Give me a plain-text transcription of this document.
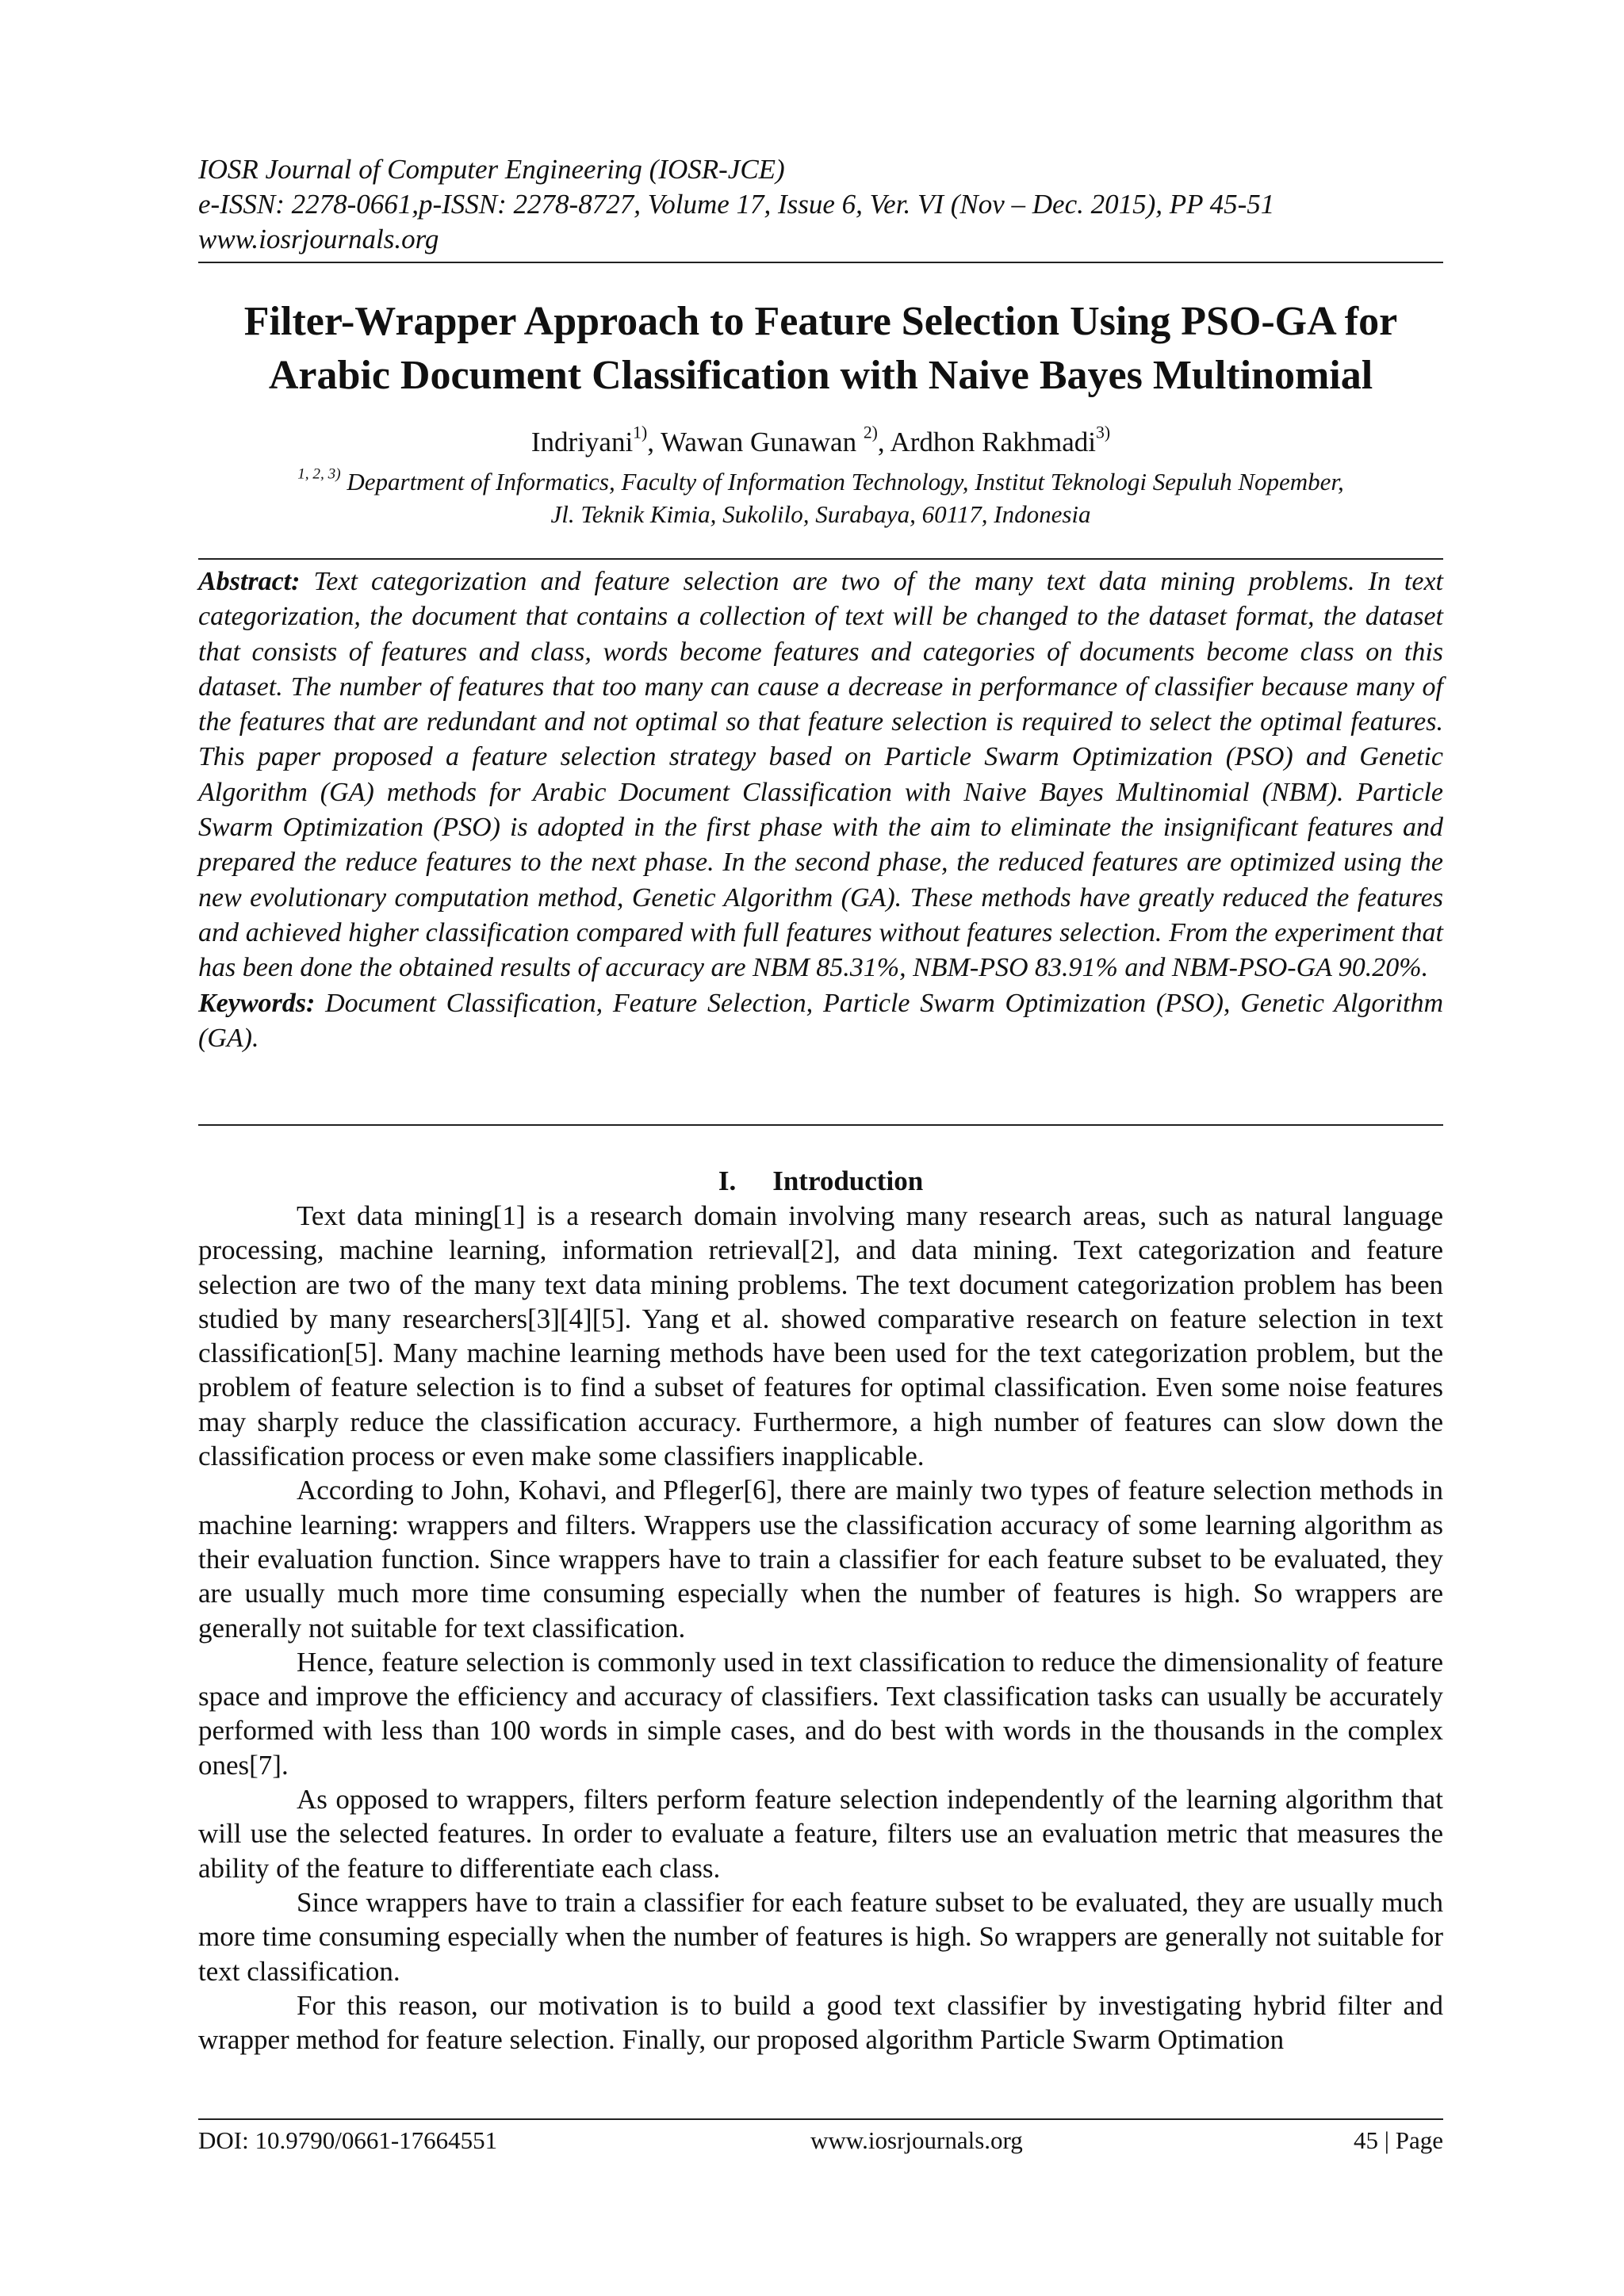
IOSR Journal of Computer Engineering (IOSR-JCE)
e-ISSN: 2278-0661,p-ISSN: 2278-8727, Volume 17, Issue 6, Ver. VI (Nov – Dec. 2015), PP 45-51
www.iosrjournals.org
Filter-Wrapper Approach to Feature Selection Using PSO-GA for
Arabic Document Classification with Naive Bayes Multinomial
Indriyani$^{1)}$, Wawan Gunawan $^{2)}$, Ardhon Rakhmadi$^{3)}$
$^{1, 2, 3)}$ Department of Informatics, Faculty of Information Technology, Institut Teknologi Sepuluh Nopember,
Jl. Teknik Kimia, Sukolilo, Surabaya, 60117, Indonesia
Abstract: Text categorization and feature selection are two of the many text data mining problems. In text categorization, the document that contains a collection of text will be changed to the dataset format, the dataset that consists of features and class, words become features and categories of documents become class on this dataset. The number of features that too many can cause a decrease in performance of classifier because many of the features that are redundant and not optimal so that feature selection is required to select the optimal features. This paper proposed a feature selection strategy based on Particle Swarm Optimization (PSO) and Genetic Algorithm (GA) methods for Arabic Document Classification with Naive Bayes Multinomial (NBM). Particle Swarm Optimization (PSO) is adopted in the first phase with the aim to eliminate the insignificant features and prepared the reduce features to the next phase. In the second phase, the reduced features are optimized using the new evolutionary computation method, Genetic Algorithm (GA). These methods have greatly reduced the features and achieved higher classification compared with full features without features selection. From the experiment that has been done the obtained results of accuracy are NBM 85.31%, NBM-PSO 83.91% and NBM-PSO-GA 90.20%.
Keywords: Document Classification, Feature Selection, Particle Swarm Optimization (PSO), Genetic Algorithm (GA).
I. Introduction

Text data mining[1] is a research domain involving many research areas, such as natural language processing, machine learning, information retrieval[2], and data mining. Text categorization and feature selection are two of the many text data mining problems. The text document categorization problem has been studied by many researchers[3][4][5]. Yang et al. showed comparative research on feature selection in text classification[5]. Many machine learning methods have been used for the text categorization problem, but the problem of feature selection is to find a subset of features for optimal classification. Even some noise features may sharply reduce the classification accuracy. Furthermore, a high number of features can slow down the classification process or even make some classifiers inapplicable.

According to John, Kohavi, and Pfleger[6], there are mainly two types of feature selection methods in machine learning: wrappers and filters. Wrappers use the classification accuracy of some learning algorithm as their evaluation function. Since wrappers have to train a classifier for each feature subset to be evaluated, they are usually much more time consuming especially when the number of features is high. So wrappers are generally not suitable for text classification.

Hence, feature selection is commonly used in text classification to reduce the dimensionality of feature space and improve the efficiency and accuracy of classifiers. Text classification tasks can usually be accurately performed with less than 100 words in simple cases, and do best with words in the thousands in the complex ones[7].

As opposed to wrappers, filters perform feature selection independently of the learning algorithm that will use the selected features. In order to evaluate a feature, filters use an evaluation metric that measures the ability of the feature to differentiate each class.

Since wrappers have to train a classifier for each feature subset to be evaluated, they are usually much more time consuming especially when the number of features is high. So wrappers are generally not suitable for text classification.

For this reason, our motivation is to build a good text classifier by investigating hybrid filter and wrapper method for feature selection. Finally, our proposed algorithm Particle Swarm Optimation

DOI: 10.9790/0661-17664551	www.iosrjournals.org	45 | Page
